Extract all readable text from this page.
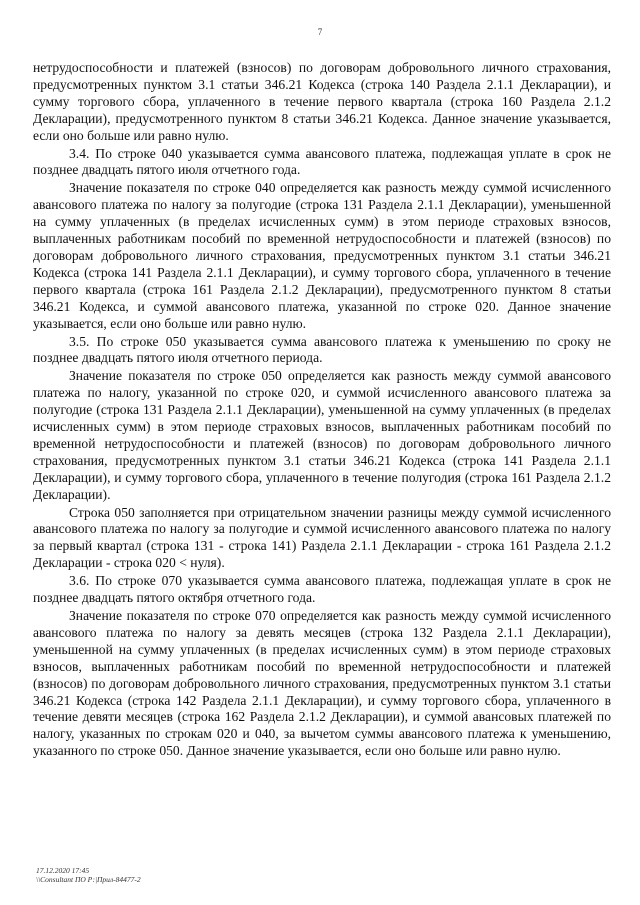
7

нетрудоспособности и платежей (взносов) по договорам добровольного личного страхования, предусмотренных пунктом 3.1 статьи 346.21 Кодекса (строка 140 Раздела 2.1.1 Декларации), и сумму торгового сбора, уплаченного в течение первого квартала (строка 160 Раздела 2.1.2 Декларации), предусмотренного пунктом 8 статьи 346.21 Кодекса. Данное значение указывается, если оно больше или равно нулю.

3.4. По строке 040 указывается сумма авансового платежа, подлежащая уплате в срок не позднее двадцать пятого июля отчетного года.

Значение показателя по строке 040 определяется как разность между суммой исчисленного авансового платежа по налогу за полугодие (строка 131 Раздела 2.1.1 Декларации), уменьшенной на сумму уплаченных (в пределах исчисленных сумм) в этом периоде страховых взносов, выплаченных работникам пособий по временной нетрудоспособности и платежей (взносов) по договорам добровольного личного страхования, предусмотренных пунктом 3.1 статьи 346.21 Кодекса (строка 141 Раздела 2.1.1 Декларации), и сумму торгового сбора, уплаченного в течение первого квартала (строка 161 Раздела 2.1.2 Декларации), предусмотренного пунктом 8 статьи 346.21 Кодекса, и суммой авансового платежа, указанной по строке 020. Данное значение указывается, если оно больше или равно нулю.

3.5. По строке 050 указывается сумма авансового платежа к уменьшению по сроку не позднее двадцать пятого июля отчетного периода.

Значение показателя по строке 050 определяется как разность между суммой авансового платежа по налогу, указанной по строке 020, и суммой исчисленного авансового платежа за полугодие (строка 131 Раздела 2.1.1 Декларации), уменьшенной на сумму уплаченных (в пределах исчисленных сумм) в этом периоде страховых взносов, выплаченных работникам пособий по временной нетрудоспособности и платежей (взносов) по договорам добровольного личного страхования, предусмотренных пунктом 3.1 статьи 346.21 Кодекса (строка 141 Раздела 2.1.1 Декларации), и сумму торгового сбора, уплаченного в течение полугодия (строка 161 Раздела 2.1.2 Декларации).

Строка 050 заполняется при отрицательном значении разницы между суммой исчисленного авансового платежа по налогу за полугодие и суммой исчисленного авансового платежа по налогу за первый квартал (строка 131 - строка 141) Раздела 2.1.1 Декларации - строка 161 Раздела 2.1.2 Декларации - строка 020 < нуля).

3.6. По строке 070 указывается сумма авансового платежа, подлежащая уплате в срок не позднее двадцать пятого октября отчетного года.

Значение показателя по строке 070 определяется как разность между суммой исчисленного авансового платежа по налогу за девять месяцев (строка 132 Раздела 2.1.1 Декларации), уменьшенной на сумму уплаченных (в пределах исчисленных сумм) в этом периоде страховых взносов, выплаченных работникам пособий по временной нетрудоспособности и платежей (взносов) по договорам добровольного личного страхования, предусмотренных пунктом 3.1 статьи 346.21 Кодекса (строка 142 Раздела 2.1.1 Декларации), и сумму торгового сбора, уплаченного в течение девяти месяцев (строка 162 Раздела 2.1.2 Декларации), и суммой авансовых платежей по налогу, указанных по строкам 020 и 040, за вычетом суммы авансового платежа к уменьшению, указанного по строке 050. Данное значение указывается, если оно больше или равно нулю.

17.12.2020 17:45
\\Consultant ПО Р:|Прил-84477-2
